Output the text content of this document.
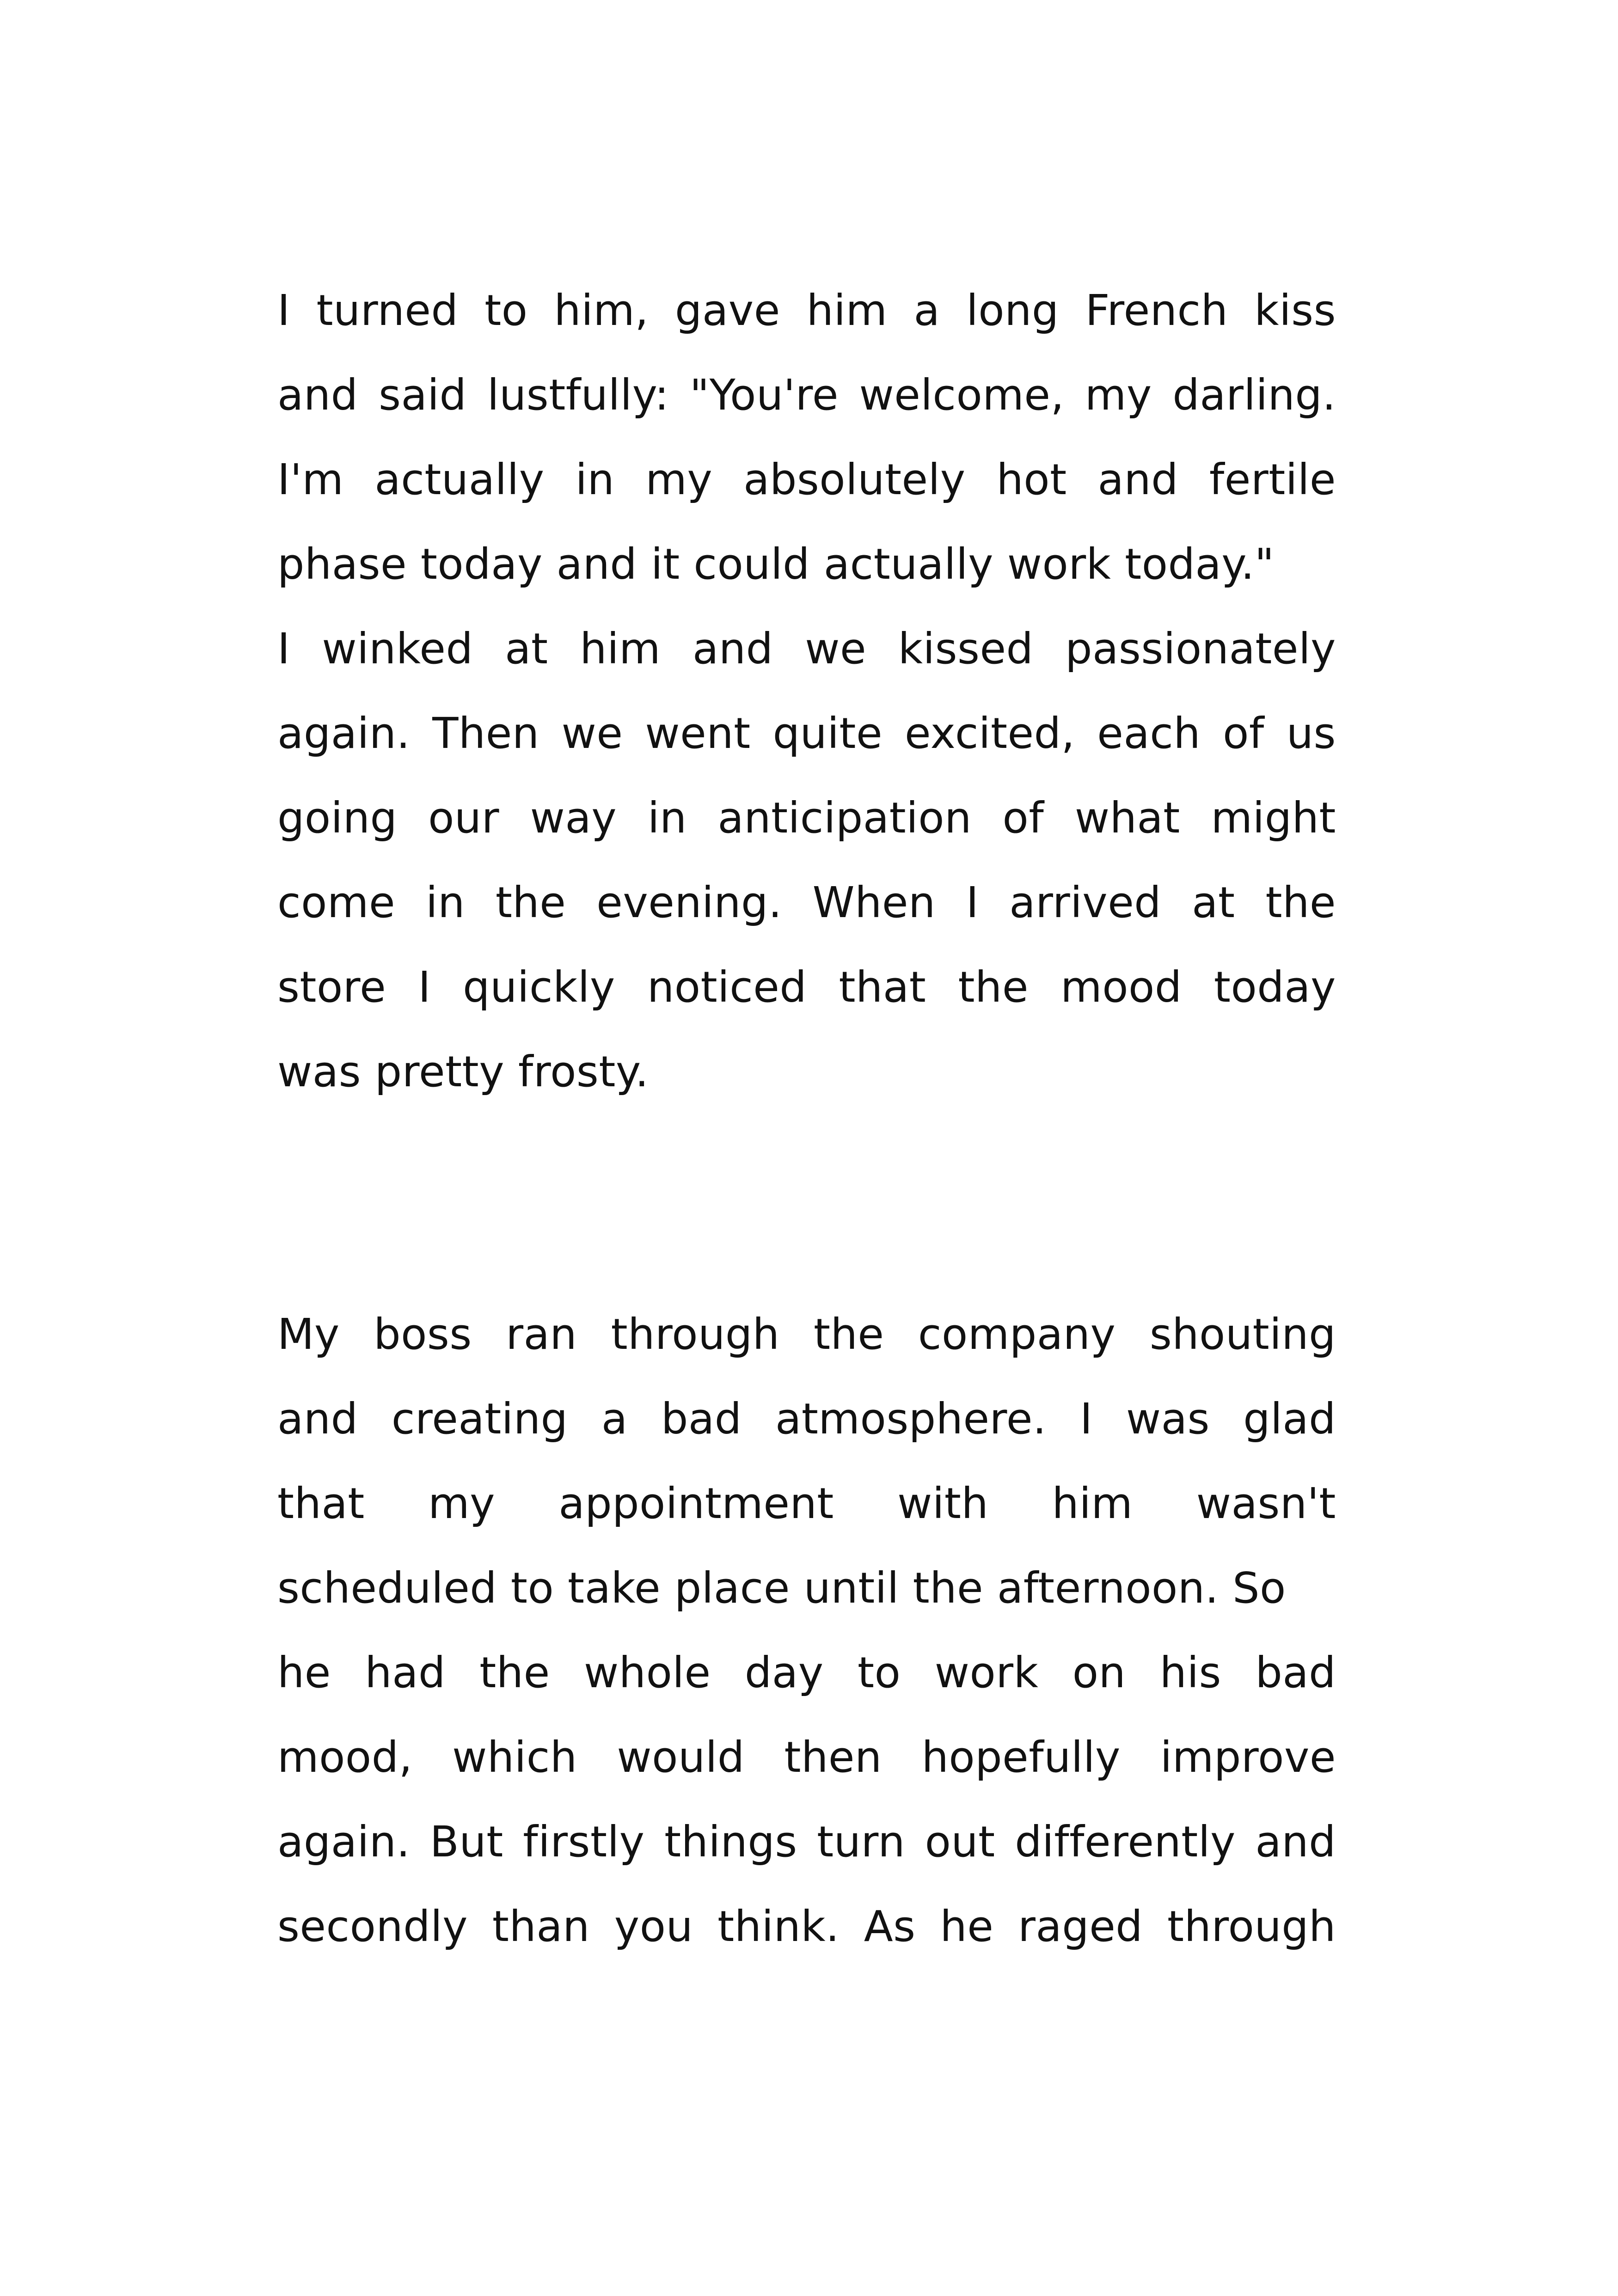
I turned to him, gave him a long French kiss
and said lustfully: "You're welcome, my darling.
I'm actually in my absolutely hot and fertile
phase today and it could actually work today."
I winked at him and we kissed passionately
again. Then we went quite excited, each of us
going our way in anticipation of what might
come in the evening. When I arrived at the
store I quickly noticed that the mood today
was pretty frosty.
My boss ran through the company shouting
and creating a bad atmosphere. I was glad
that my appointment with him wasn't
scheduled to take place until the afternoon. So
he had the whole day to work on his bad
mood, which would then hopefully improve
again. But firstly things turn out differently and
secondly than you think. As he raged through
